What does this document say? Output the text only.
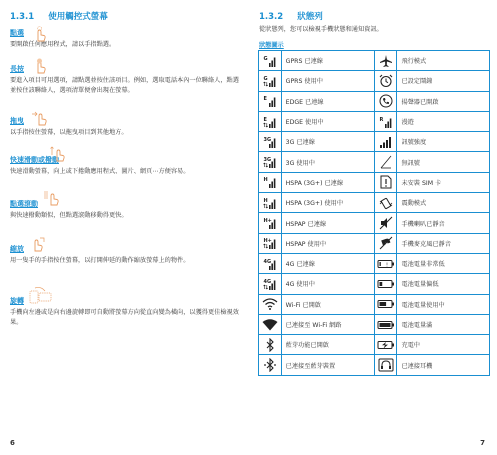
1.3.1 使用觸控式螢幕
點選
要開啟任何應用程式，請以手指點選。
長按
要進入項目可用選項，請點選並按住該項目。例如，選取電話本內一位聯絡人，點選並按住該聯絡人，選項清單便會出現在螢幕。
拖曳
以手指按住螢幕，以拖曳項目到其他地方。
快速滑動或撥動
快速滑動螢幕，向上或下捲動應用程式、圖片、網頁⋯方便容易。
點選滾動
與快速撥動類似，但點選滾動移動得更快。
縮放
用一隻手的手指按住螢幕，以打開伸延的動作縮放螢幕上的物件。
旋轉
手機向左邊或是向右邊旋轉即可自動將螢幕方向從直向變為橫向，以獲得更佳檢視效果。
6
1.3.2 狀態列
從狀態列，您可以檢視手機狀態和通知資訊。
狀態圖示
G	GPRS 已連線		飛行模式

G	GPRS 使用中		已設定鬧鐘

E	EDGE 已連線		揚聲器已開啟

E	EDGE 使用中	R	漫遊

3G	3G 已連線		訊號強度

3G	3G 使用中		無訊號

H	HSPA (3G+) 已連線		未安裝 SIM 卡

H	HSPA (3G+) 使用中		震動模式

H+	HSPAP 已連線		手機喇叭已靜音

H+	HSPAP 使用中		手機麥克風已靜音

4G	4G 已連線	!	電池電量非常低

4G	4G 使用中		電池電量偏低

	Wi-Fi 已開啟		電池電量使用中

	已連接至 Wi-Fi 網路		電池電量滿

	藍芽功能已開啟		充電中

	已連接至藍芽裝置		已連接耳機
7
